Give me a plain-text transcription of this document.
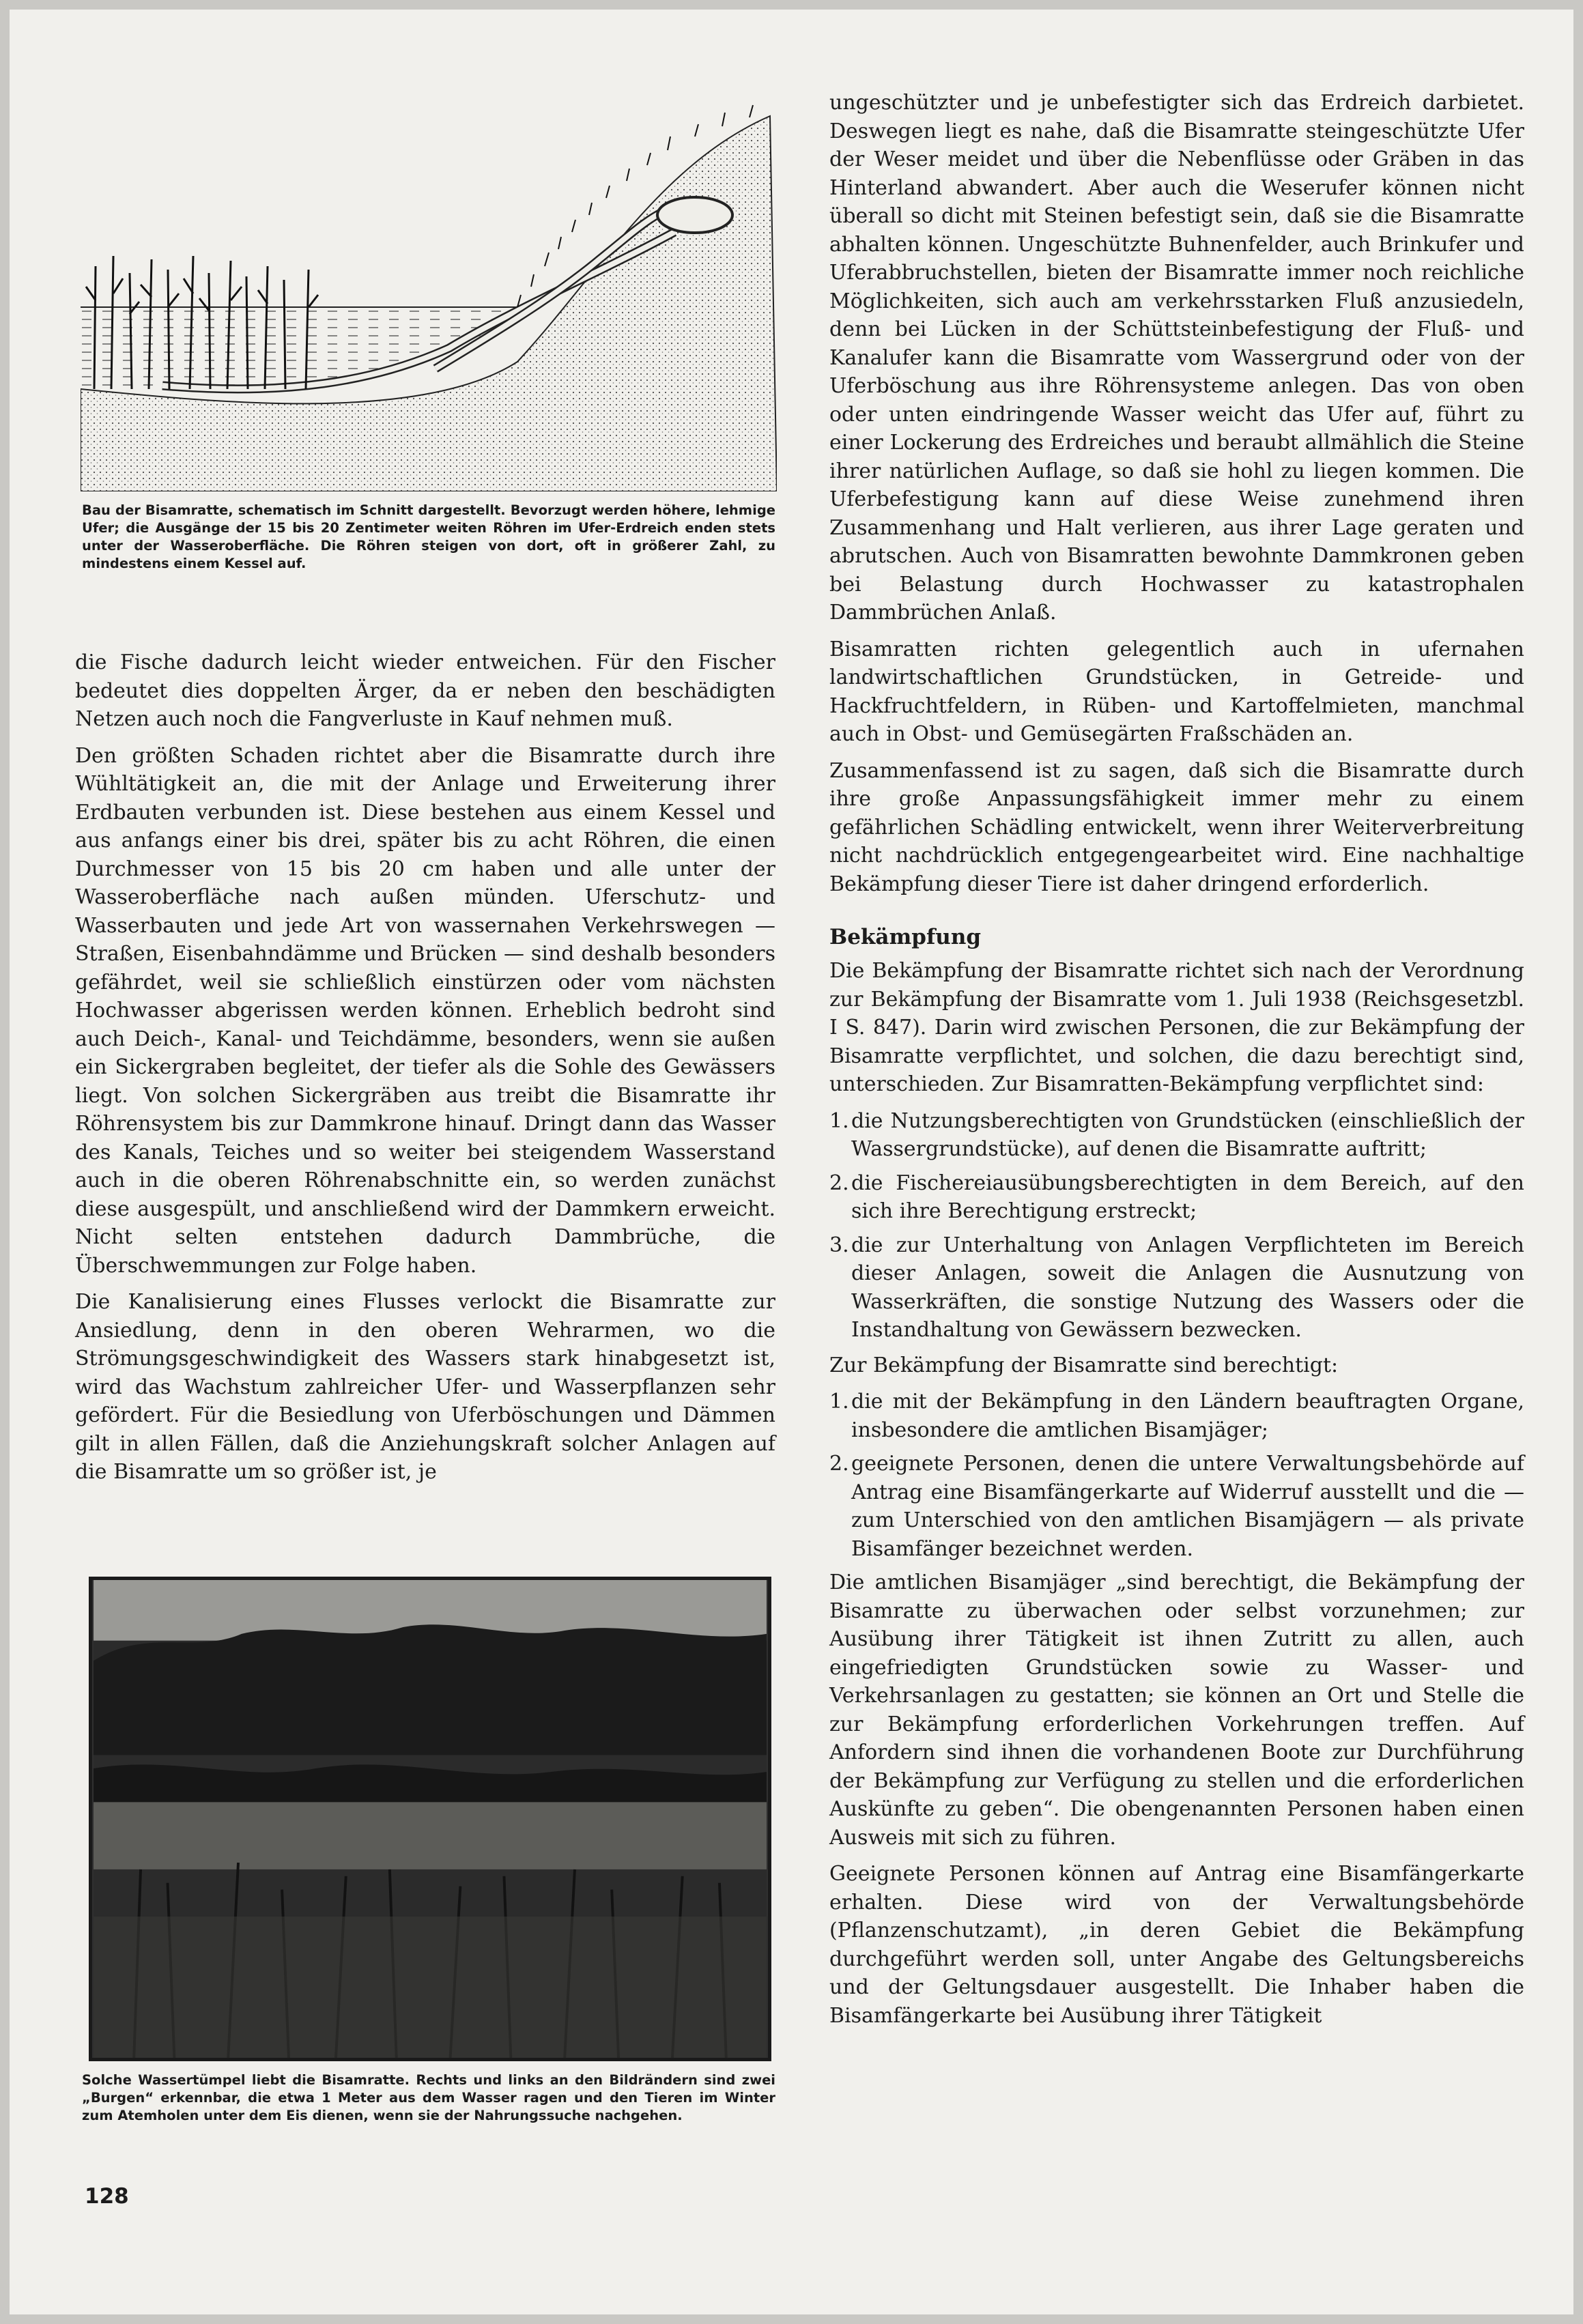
Bau der Bisamratte, schematisch im Schnitt dargestellt. Bevorzugt werden höhere, lehmige Ufer; die Ausgänge der 15 bis 20 Zentimeter weiten Röhren im Ufer-Erdreich enden stets unter der Wasseroberfläche. Die Röhren steigen von dort, oft in größerer Zahl, zu mindestens einem Kessel auf.

die Fische dadurch leicht wieder entweichen. Für den Fischer bedeutet dies doppelten Ärger, da er neben den beschädigten Netzen auch noch die Fangverluste in Kauf nehmen muß.

Den größten Schaden richtet aber die Bisamratte durch ihre Wühltätigkeit an, die mit der Anlage und Erweiterung ihrer Erdbauten verbunden ist. Diese bestehen aus einem Kessel und aus anfangs einer bis drei, später bis zu acht Röhren, die einen Durchmesser von 15 bis 20 cm haben und alle unter der Wasseroberfläche nach außen münden. Uferschutz- und Wasserbauten und jede Art von wassernahen Verkehrswegen — Straßen, Eisenbahndämme und Brücken — sind deshalb besonders gefährdet, weil sie schließlich einstürzen oder vom nächsten Hochwasser abgerissen werden können. Erheblich bedroht sind auch Deich-, Kanal- und Teichdämme, besonders, wenn sie außen ein Sickergraben begleitet, der tiefer als die Sohle des Gewässers liegt. Von solchen Sickergräben aus treibt die Bisamratte ihr Röhrensystem bis zur Dammkrone hinauf. Dringt dann das Wasser des Kanals, Teiches und so weiter bei steigendem Wasserstand auch in die oberen Röhrenabschnitte ein, so werden zunächst diese ausgespült, und anschließend wird der Dammkern erweicht. Nicht selten entstehen dadurch Dammbrüche, die Überschwemmungen zur Folge haben.

Die Kanalisierung eines Flusses verlockt die Bisamratte zur Ansiedlung, denn in den oberen Wehrarmen, wo die Strömungsgeschwindigkeit des Wassers stark hinabgesetzt ist, wird das Wachstum zahlreicher Ufer- und Wasserpflanzen sehr gefördert. Für die Besiedlung von Uferböschungen und Dämmen gilt in allen Fällen, daß die Anziehungskraft solcher Anlagen auf die Bisamratte um so größer ist, je

Solche Wassertümpel liebt die Bisamratte. Rechts und links an den Bildrändern sind zwei „Burgen“ erkennbar, die etwa 1 Meter aus dem Wasser ragen und den Tieren im Winter zum Atemholen unter dem Eis dienen, wenn sie der Nahrungssuche nachgehen.

ungeschützter und je unbefestigter sich das Erdreich darbietet. Deswegen liegt es nahe, daß die Bisamratte steingeschützte Ufer der Weser meidet und über die Nebenflüsse oder Gräben in das Hinterland abwandert. Aber auch die Weserufer können nicht überall so dicht mit Steinen befestigt sein, daß sie die Bisamratte abhalten können. Ungeschützte Buhnenfelder, auch Brinkufer und Uferabbruchstellen, bieten der Bisamratte immer noch reichliche Möglichkeiten, sich auch am verkehrsstarken Fluß anzusiedeln, denn bei Lücken in der Schüttsteinbefestigung der Fluß- und Kanalufer kann die Bisamratte vom Wassergrund oder von der Uferböschung aus ihre Röhrensysteme anlegen. Das von oben oder unten eindringende Wasser weicht das Ufer auf, führt zu einer Lockerung des Erdreiches und beraubt allmählich die Steine ihrer natürlichen Auflage, so daß sie hohl zu liegen kommen. Die Uferbefestigung kann auf diese Weise zunehmend ihren Zusammenhang und Halt verlieren, aus ihrer Lage geraten und abrutschen. Auch von Bisamratten bewohnte Dammkronen geben bei Belastung durch Hochwasser zu katastrophalen Dammbrüchen Anlaß.

Bisamratten richten gelegentlich auch in ufernahen landwirtschaftlichen Grundstücken, in Getreide- und Hackfruchtfeldern, in Rüben- und Kartoffelmieten, manchmal auch in Obst- und Gemüsegärten Fraßschäden an.

Zusammenfassend ist zu sagen, daß sich die Bisamratte durch ihre große Anpassungsfähigkeit immer mehr zu einem gefährlichen Schädling entwickelt, wenn ihrer Weiterverbreitung nicht nachdrücklich entgegengearbeitet wird. Eine nachhaltige Bekämpfung dieser Tiere ist daher dringend erforderlich.

Bekämpfung

Die Bekämpfung der Bisamratte richtet sich nach der Verordnung zur Bekämpfung der Bisamratte vom 1. Juli 1938 (Reichsgesetzbl. I S. 847). Darin wird zwischen Personen, die zur Bekämpfung der Bisamratte verpflichtet, und solchen, die dazu berechtigt sind, unterschieden. Zur Bisamratten-Bekämpfung verpflichtet sind:

1. die Nutzungsberechtigten von Grundstücken (einschließlich der Wassergrundstücke), auf denen die Bisamratte auftritt;
2. die Fischereiausübungsberechtigten in dem Bereich, auf den sich ihre Berechtigung erstreckt;
3. die zur Unterhaltung von Anlagen Verpflichteten im Bereich dieser Anlagen, soweit die Anlagen die Ausnutzung von Wasserkräften, die sonstige Nutzung des Wassers oder die Instandhaltung von Gewässern bezwecken.

Zur Bekämpfung der Bisamratte sind berechtigt:

1. die mit der Bekämpfung in den Ländern beauftragten Organe, insbesondere die amtlichen Bisamjäger;
2. geeignete Personen, denen die untere Verwaltungsbehörde auf Antrag eine Bisamfängerkarte auf Widerruf ausstellt und die — zum Unterschied von den amtlichen Bisamjägern — als private Bisamfänger bezeichnet werden.

Die amtlichen Bisamjäger „sind berechtigt, die Bekämpfung der Bisamratte zu überwachen oder selbst vorzunehmen; zur Ausübung ihrer Tätigkeit ist ihnen Zutritt zu allen, auch eingefriedigten Grundstücken sowie zu Wasser- und Verkehrsanlagen zu gestatten; sie können an Ort und Stelle die zur Bekämpfung erforderlichen Vorkehrungen treffen. Auf Anfordern sind ihnen die vorhandenen Boote zur Durchführung der Bekämpfung zur Verfügung zu stellen und die erforderlichen Auskünfte zu geben“. Die obengenannten Personen haben einen Ausweis mit sich zu führen.

Geeignete Personen können auf Antrag eine Bisamfängerkarte erhalten. Diese wird von der Verwaltungsbehörde (Pflanzenschutzamt), „in deren Gebiet die Bekämpfung durchgeführt werden soll, unter Angabe des Geltungsbereichs und der Geltungsdauer ausgestellt. Die Inhaber haben die Bisamfängerkarte bei Ausübung ihrer Tätigkeit

128
